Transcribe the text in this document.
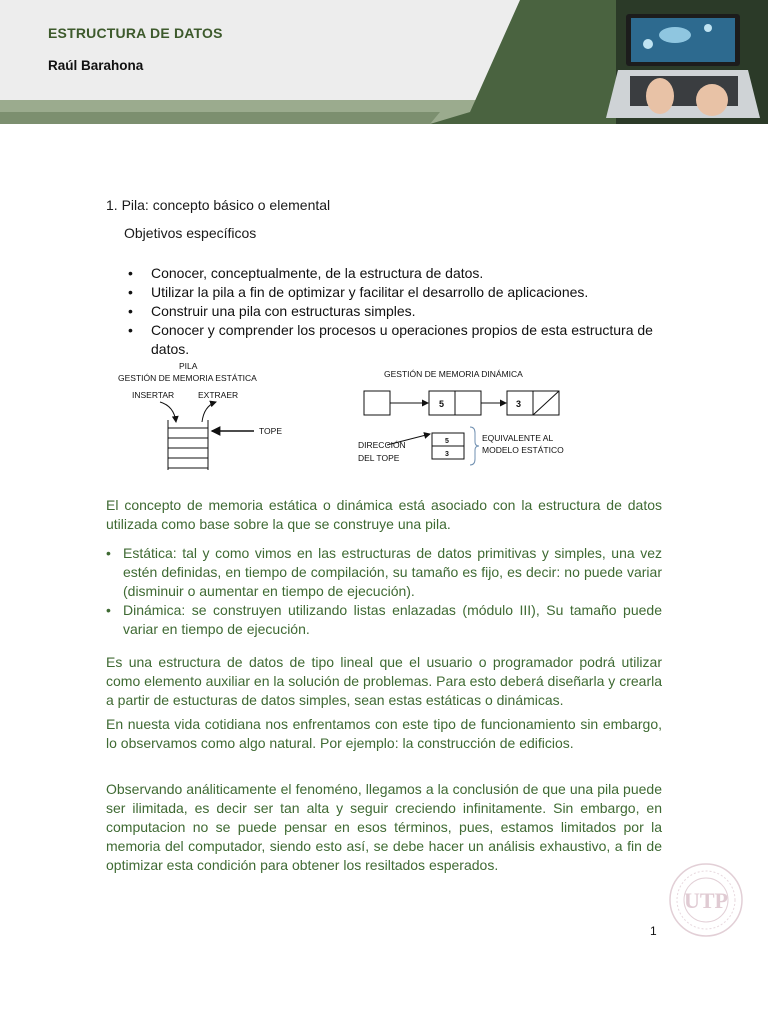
ESTRUCTURA DE DATOS
Raúl Barahona
1. Pila: concepto básico o elemental
Objetivos específicos
• Conocer, conceptualmente, de la estructura de datos.
• Utilizar la pila a fin de optimizar y facilitar el desarrollo de aplicaciones.
• Construir una pila con estructuras simples.
• Conocer y comprender los procesos u operaciones propios de esta estructura de datos.
PILA
GESTIÓN DE MEMORIA ESTÁTICA
INSERTAR	EXTRAER
TOPE
GESTIÓN DE MEMORIA DINÁMICA
5	3
DIRECCIÓN
DEL TOPE
5
3
EQUIVALENTE AL
MODELO ESTÁTICO
El concepto de memoria estática o dinámica está asociado con la estructura de datos utilizada como base sobre la que se construye una pila.
• Estática: tal y como vimos en las estructuras de datos primitivas y simples, una vez estén definidas, en tiempo de compilación, su tamaño es fijo, es decir: no puede variar (disminuir o aumentar en tiempo de ejecución).
• Dinámica: se construyen utilizando listas enlazadas (módulo III), Su tamaño puede variar en tiempo de ejecución.
Es una estructura de datos de tipo lineal que el usuario o programador podrá utilizar como elemento auxiliar en la solución de problemas. Para esto deberá diseñarla y crearla a partir de estucturas de datos simples, sean estas estáticas o dinámicas.
En nuesta vida cotidiana nos enfrentamos con este tipo de funcionamiento sin embargo, lo observamos como algo natural. Por ejemplo: la construcción de edificios.
Observando análiticamente el fenoméno, llegamos a la conclusión de que una pila puede ser ilimitada, es decir ser tan alta y seguir creciendo infinitamente. Sin embargo, en computacion no se puede pensar en esos términos, pues, estamos limitados por la memoria del computador, siendo esto así, se debe hacer un análisis exhaustivo, a fin de optimizar esta condición para obtener los resiltados esperados.
UTP
1
